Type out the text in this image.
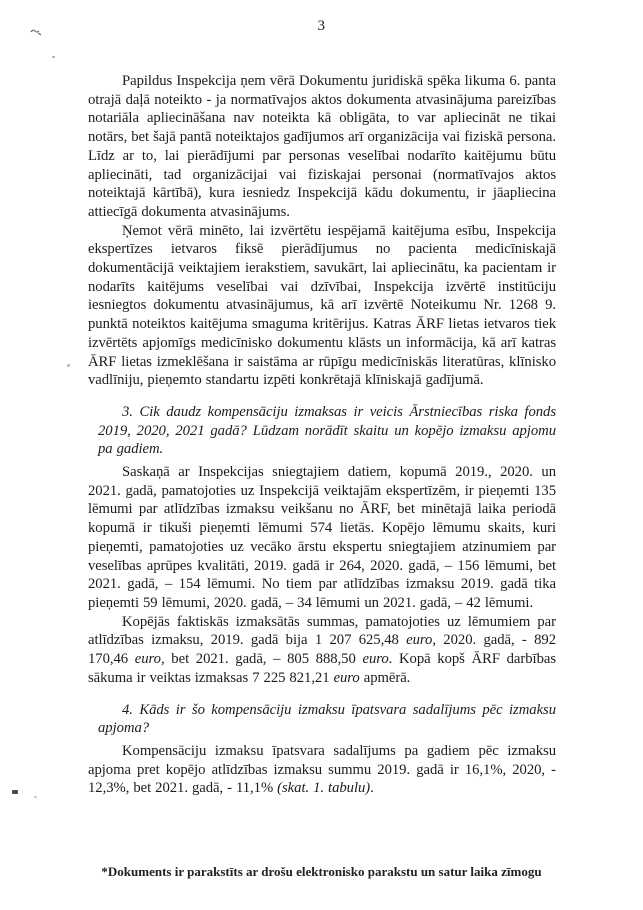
3

Papildus Inspekcija ņem vērā Dokumentu juridiskā spēka likuma 6. panta otrajā daļā noteikto - ja normatīvajos aktos dokumenta atvasinājuma pareizības notariāla apliecināšana nav noteikta kā obligāta, to var apliecināt ne tikai notārs, bet šajā pantā noteiktajos gadījumos arī organizācija vai fiziskā persona. Līdz ar to, lai pierādījumi par personas veselībai nodarīto kaitējumu būtu apliecināti, tad organizācijai vai fiziskajai personai (normatīvajos aktos noteiktajā kārtībā), kura iesniedz Inspekcijā kādu dokumentu, ir jāapliecina attiecīgā dokumenta atvasinājums.

Ņemot vērā minēto, lai izvērtētu iespējamā kaitējuma esību, Inspekcija ekspertīzes ietvaros fiksē pierādījumus no pacienta medicīniskajā dokumentācijā veiktajiem ierakstiem, savukārt, lai apliecinātu, ka pacientam ir nodarīts kaitējums veselībai vai dzīvībai, Inspekcija izvērtē institūciju iesniegtos dokumentu atvasinājumus, kā arī izvērtē Noteikumu Nr. 1268 9. punktā noteiktos kaitējuma smaguma kritērijus. Katras ĀRF lietas ietvaros tiek izvērtēts apjomīgs medicīnisko dokumentu klāsts un informācija, kā arī katras ĀRF lietas izmeklēšana ir saistāma ar rūpīgu medicīniskās literatūras, klīnisko vadlīniju, pieņemto standartu izpēti konkrētajā klīniskajā gadījumā.

3. Cik daudz kompensāciju izmaksas ir veicis Ārstniecības riska fonds 2019, 2020, 2021 gadā? Lūdzam norādīt skaitu un kopējo izmaksu apjomu pa gadiem.

Saskaņā ar Inspekcijas sniegtajiem datiem, kopumā 2019., 2020. un 2021. gadā, pamatojoties uz Inspekcijā veiktajām ekspertīzēm, ir pieņemti 135 lēmumi par atlīdzības izmaksu veikšanu no ĀRF, bet minētajā laika periodā kopumā ir tikuši pieņemti lēmumi 574 lietās. Kopējo lēmumu skaits, kuri pieņemti, pamatojoties uz vecāko ārstu ekspertu sniegtajiem atzinumiem par veselības aprūpes kvalitāti, 2019. gadā ir 264, 2020. gadā, – 156 lēmumi, bet 2021. gadā, – 154 lēmumi. No tiem par atlīdzības izmaksu 2019. gadā tika pieņemti 59 lēmumi, 2020. gadā, – 34 lēmumi un 2021. gadā, – 42 lēmumi.

Kopējās faktiskās izmaksātās summas, pamatojoties uz lēmumiem par atlīdzības izmaksu, 2019. gadā bija 1 207 625,48 euro, 2020. gadā, - 892 170,46 euro, bet 2021. gadā, – 805 888,50 euro. Kopā kopš ĀRF darbības sākuma ir veiktas izmaksas 7 225 821,21 euro apmērā.

4. Kāds ir šo kompensāciju izmaksu īpatsvara sadalījums pēc izmaksu apjoma?

Kompensāciju izmaksu īpatsvara sadalījums pa gadiem pēc izmaksu apjoma pret kopējo atlīdzības izmaksu summu 2019. gadā ir 16,1%, 2020, - 12,3%, bet 2021. gadā, - 11,1% (skat. 1. tabulu).

*Dokuments ir parakstīts ar drošu elektronisko parakstu un satur laika zīmogu
